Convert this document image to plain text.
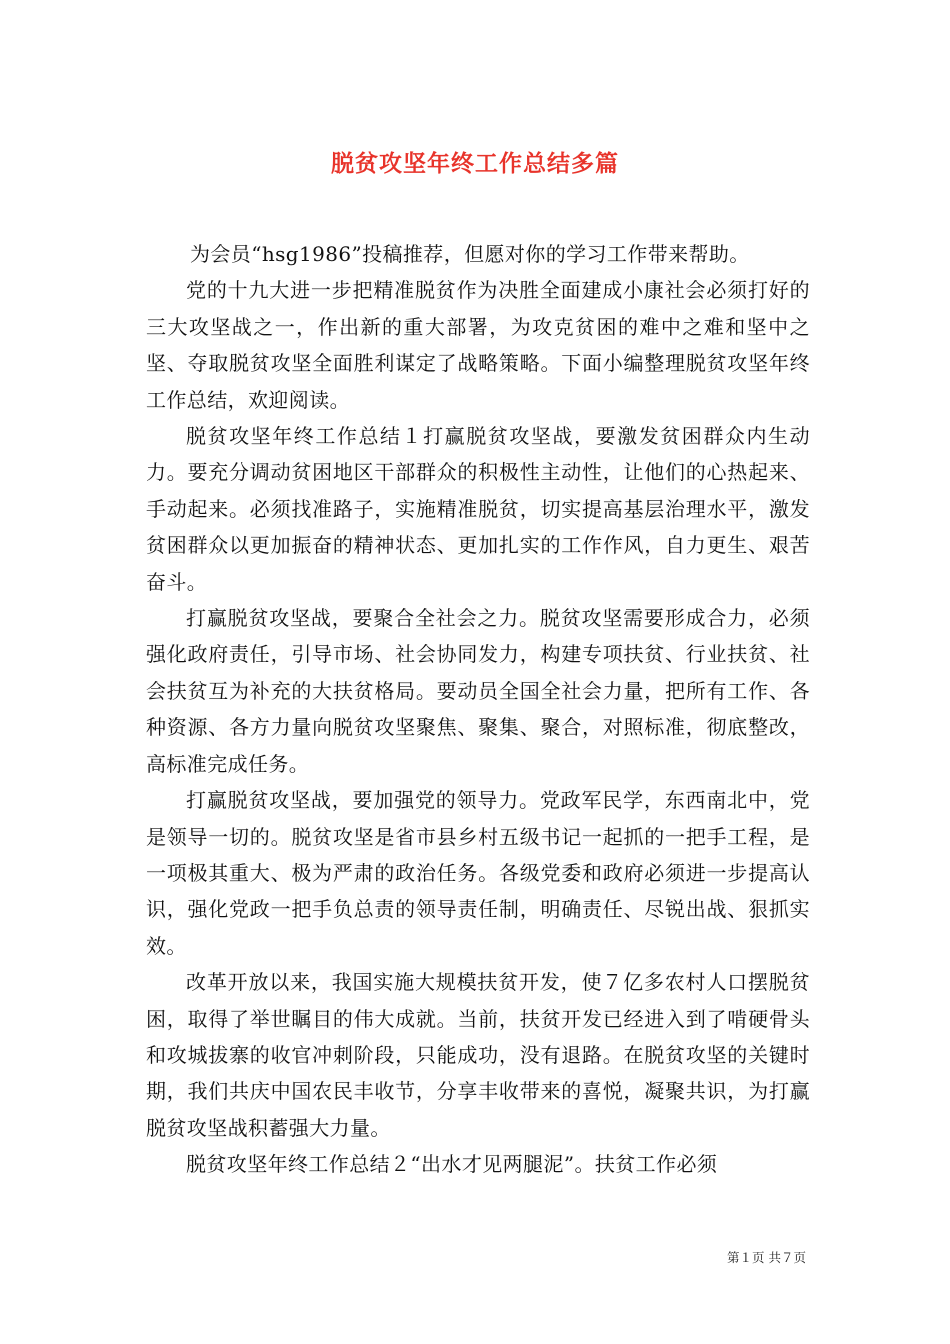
脱贫攻坚年终工作总结多篇

为会员“hsg1986”投稿推荐，但愿对你的学习工作带来帮助。

党的十九大进一步把精准脱贫作为决胜全面建成小康社会必须打好的三大攻坚战之一，作出新的重大部署，为攻克贫困的难中之难和坚中之坚、夺取脱贫攻坚全面胜利谋定了战略策略。下面小编整理脱贫攻坚年终工作总结，欢迎阅读。

脱贫攻坚年终工作总结１打赢脱贫攻坚战，要激发贫困群众内生动力。要充分调动贫困地区干部群众的积极性主动性，让他们的心热起来、手动起来。必须找准路子，实施精准脱贫，切实提高基层治理水平，激发贫困群众以更加振奋的精神状态、更加扎实的工作作风，自力更生、艰苦奋斗。

打赢脱贫攻坚战，要聚合全社会之力。脱贫攻坚需要形成合力，必须强化政府责任，引导市场、社会协同发力，构建专项扶贫、行业扶贫、社会扶贫互为补充的大扶贫格局。要动员全国全社会力量，把所有工作、各种资源、各方力量向脱贫攻坚聚焦、聚集、聚合，对照标准，彻底整改，高标准完成任务。

打赢脱贫攻坚战，要加强党的领导力。党政军民学，东西南北中，党是领导一切的。脱贫攻坚是省市县乡村五级书记一起抓的一把手工程，是一项极其重大、极为严肃的政治任务。各级党委和政府必须进一步提高认识，强化党政一把手负总责的领导责任制，明确责任、尽锐出战、狠抓实效。

改革开放以来，我国实施大规模扶贫开发，使７亿多农村人口摆脱贫困，取得了举世瞩目的伟大成就。当前，扶贫开发已经进入到了啃硬骨头和攻城拔寨的收官冲刺阶段，只能成功，没有退路。在脱贫攻坚的关键时期，我们共庆中国农民丰收节，分享丰收带来的喜悦，凝聚共识，为打赢脱贫攻坚战积蓄强大力量。

脱贫攻坚年终工作总结２“出水才见两腿泥”。扶贫工作必须

第１页 共７页
